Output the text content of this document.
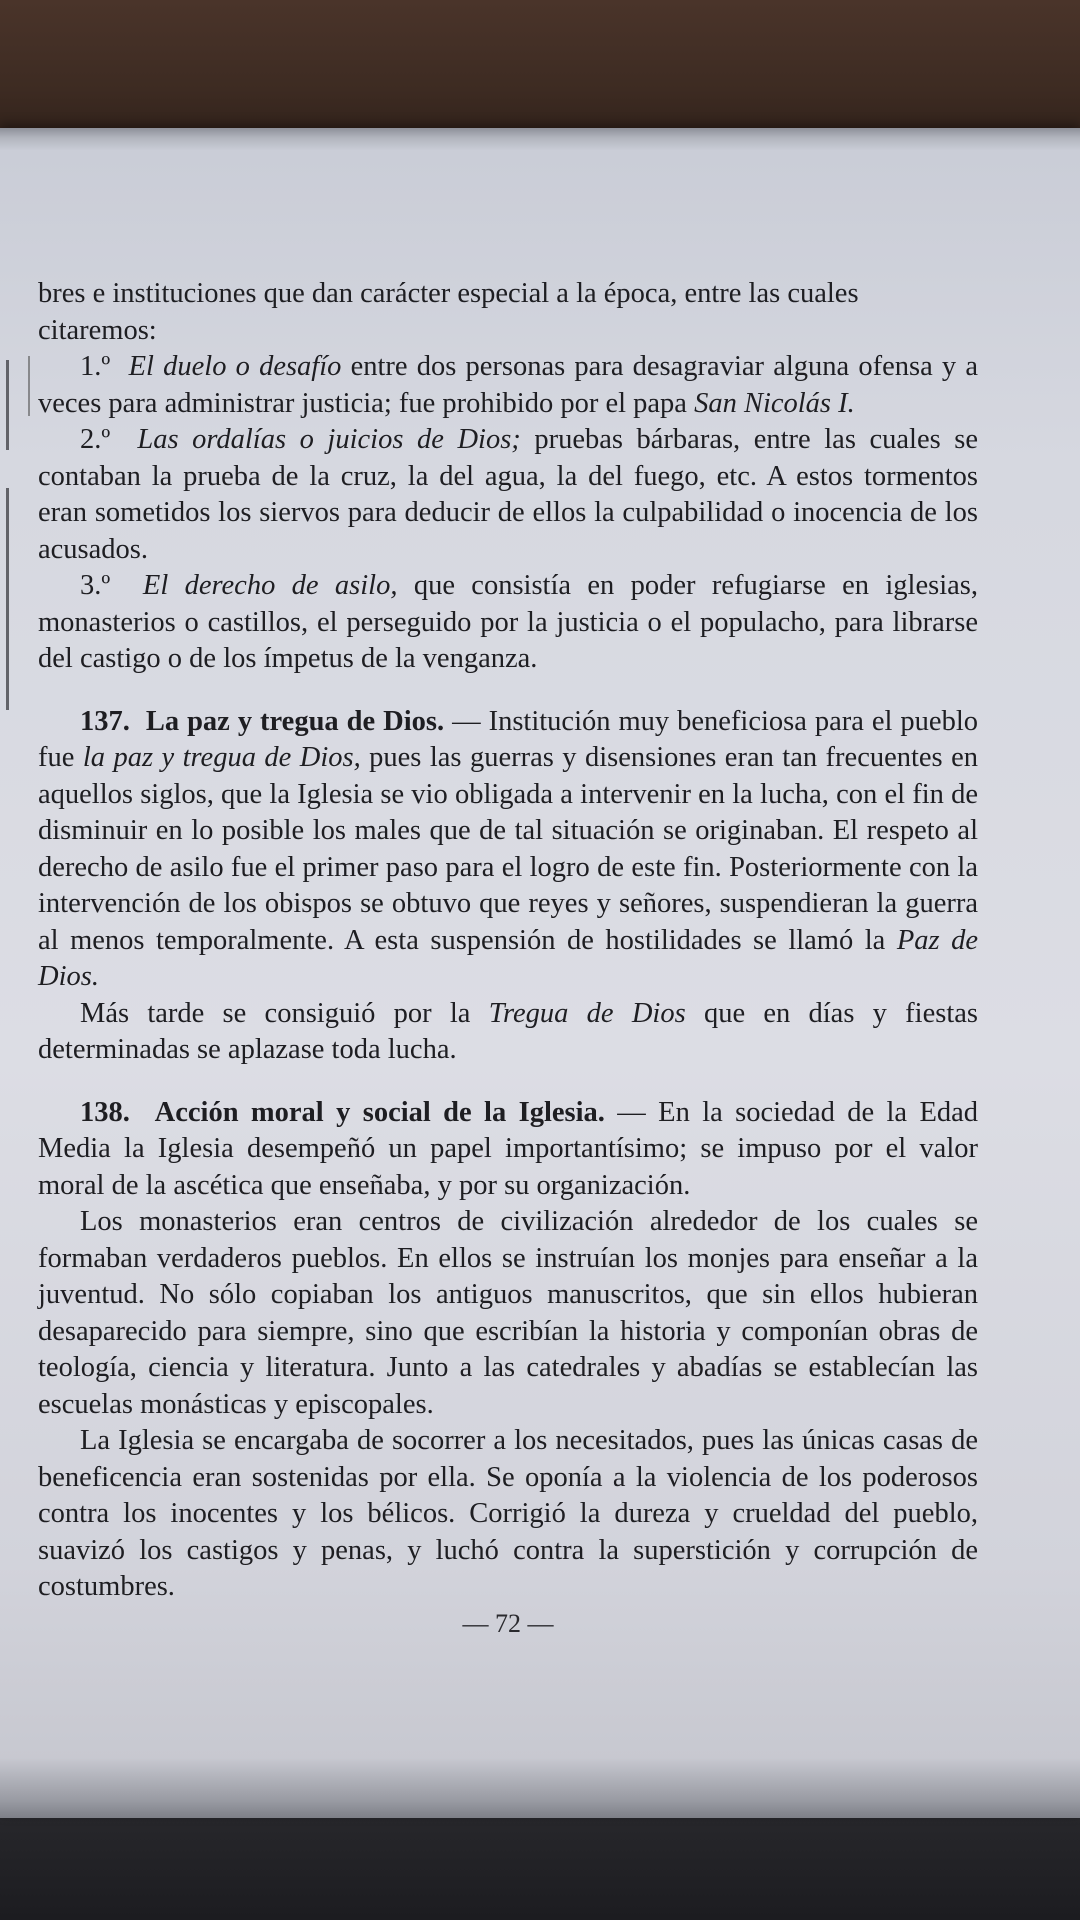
bres e instituciones que dan carácter especial a la época, entre las cuales

citaremos:

1.º El duelo o desafío entre dos personas para desagraviar alguna ofensa y a veces para administrar justicia; fue prohibido por el papa San Nicolás I.

2.º Las ordalías o juicios de Dios; pruebas bárbaras, entre las cuales se contaban la prueba de la cruz, la del agua, la del fuego, etc. A estos tormentos eran sometidos los siervos para deducir de ellos la culpabilidad o inocencia de los acusados.

3.º El derecho de asilo, que consistía en poder refugiarse en iglesias, monasterios o castillos, el perseguido por la justicia o el populacho, para librarse del castigo o de los ímpetus de la venganza.

137. La paz y tregua de Dios. — Institución muy beneficiosa para el pueblo fue la paz y tregua de Dios, pues las guerras y disensiones eran tan frecuentes en aquellos siglos, que la Iglesia se vio obligada a intervenir en la lucha, con el fin de disminuir en lo posible los males que de tal situación se originaban. El respeto al derecho de asilo fue el primer paso para el logro de este fin. Posteriormente con la intervención de los obispos se obtuvo que reyes y señores, suspendieran la guerra al menos temporalmente. A esta suspensión de hostilidades se llamó la Paz de Dios.

Más tarde se consiguió por la Tregua de Dios que en días y fiestas determinadas se aplazase toda lucha.

138. Acción moral y social de la Iglesia. — En la sociedad de la Edad Media la Iglesia desempeñó un papel importantísimo; se impuso por el valor moral de la ascética que enseñaba, y por su organización.

Los monasterios eran centros de civilización alrededor de los cuales se formaban verdaderos pueblos. En ellos se instruían los monjes para enseñar a la juventud. No sólo copiaban los antiguos manuscritos, que sin ellos hubieran desaparecido para siempre, sino que escribían la historia y componían obras de teología, ciencia y literatura. Junto a las catedrales y abadías se establecían las escuelas monásticas y episcopales.

La Iglesia se encargaba de socorrer a los necesitados, pues las únicas casas de beneficencia eran sostenidas por ella. Se oponía a la violencia de los poderosos contra los inocentes y los bélicos. Corrigió la dureza y crueldad del pueblo, suavizó los castigos y penas, y luchó contra la superstición y corrupción de costumbres.

— 72 —
